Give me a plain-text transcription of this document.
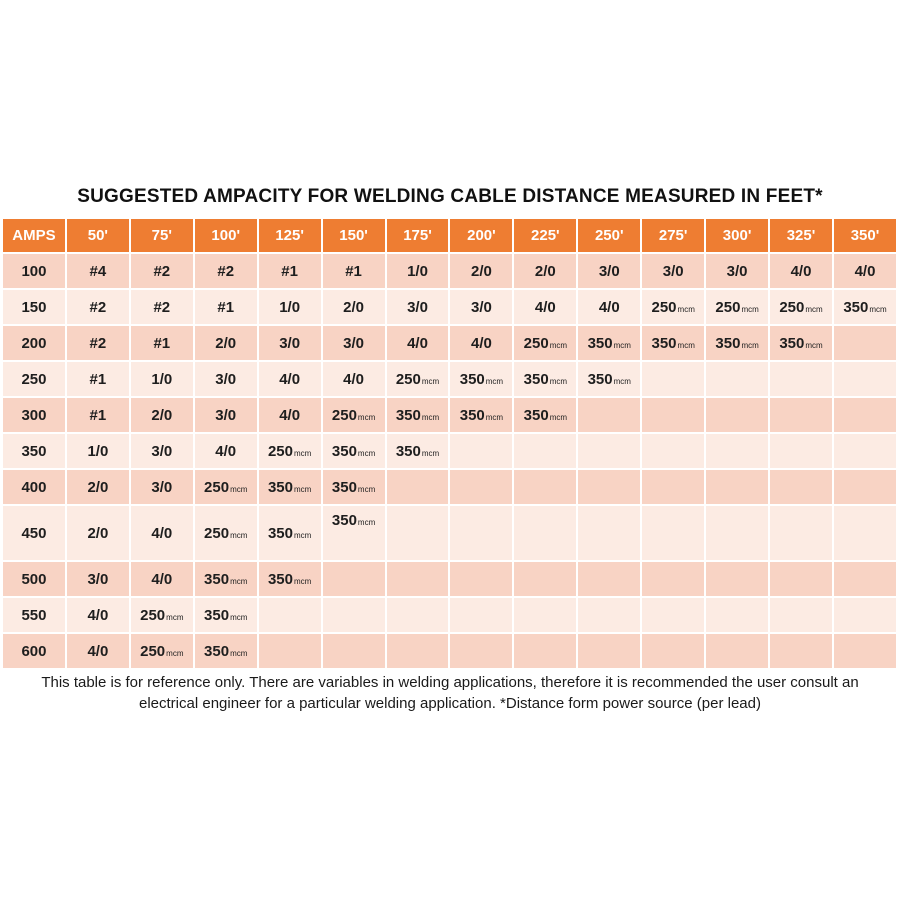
SUGGESTED AMPACITY FOR WELDING CABLE DISTANCE MEASURED IN FEET*
AMPS	50'	75'	100'	125'	150'	175'	200'	225'	250'	275'	300'	325'	350'
100	#4	#2	#2	#1	#1	1/0	2/0	2/0	3/0	3/0	3/0	4/0	4/0
150	#2	#2	#1	1/0	2/0	3/0	3/0	4/0	4/0	250mcm	250mcm	250mcm	350mcm
200	#2	#1	2/0	3/0	3/0	4/0	4/0	250mcm	350mcm	350mcm	350mcm	350mcm	
250	#1	1/0	3/0	4/0	4/0	250mcm	350mcm	350mcm	350mcm				
300	#1	2/0	3/0	4/0	250mcm	350mcm	350mcm	350mcm					
350	1/0	3/0	4/0	250mcm	350mcm	350mcm							
400	2/0	3/0	250mcm	350mcm	350mcm								
450	2/0	4/0	250mcm	350mcm	350mcm								
500	3/0	4/0	350mcm	350mcm									
550	4/0	250mcm	350mcm										
600	4/0	250mcm	350mcm										
This table is for reference only. There are variables in welding applications, therefore it is recommended the user consult an
electrical engineer for a particular welding application. *Distance form power source (per lead)
